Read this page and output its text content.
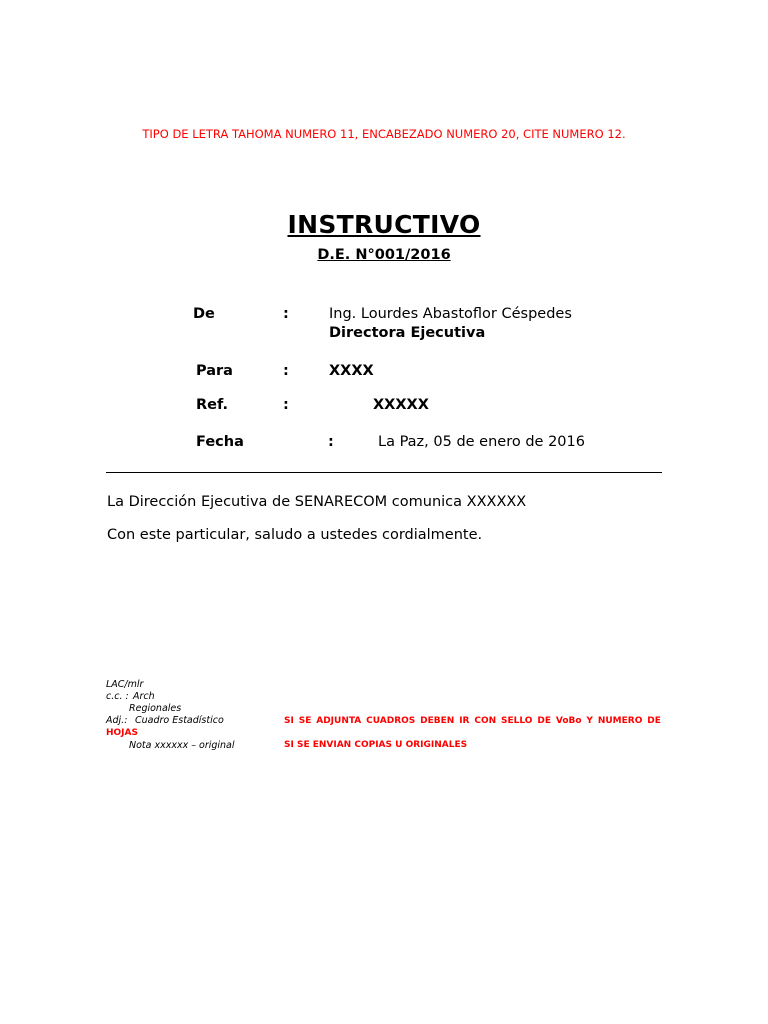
TIPO DE LETRA TAHOMA NUMERO 11, ENCABEZADO NUMERO 20, CITE NUMERO 12.
INSTRUCTIVO
D.E. N°001/2016
De	:	Ing. Lourdes Abastoflor Céspedes
Directora Ejecutiva
Para	:	XXXX
Ref.	:	XXXXX
Fecha	:	La Paz, 05 de enero de 2016
La Dirección Ejecutiva de SENARECOM comunica XXXXXX
Con este particular, saludo a ustedes cordialmente.
LAC/mlr
c.c. : Arch
Regionales
Adj.: Cuadro Estadístico
Nota xxxxxx – original
SI SE ADJUNTA CUADROS DEBEN IR CON SELLO DE VoBo Y NUMERO DE
HOJAS
SI SE ENVIAN COPIAS U ORIGINALES
